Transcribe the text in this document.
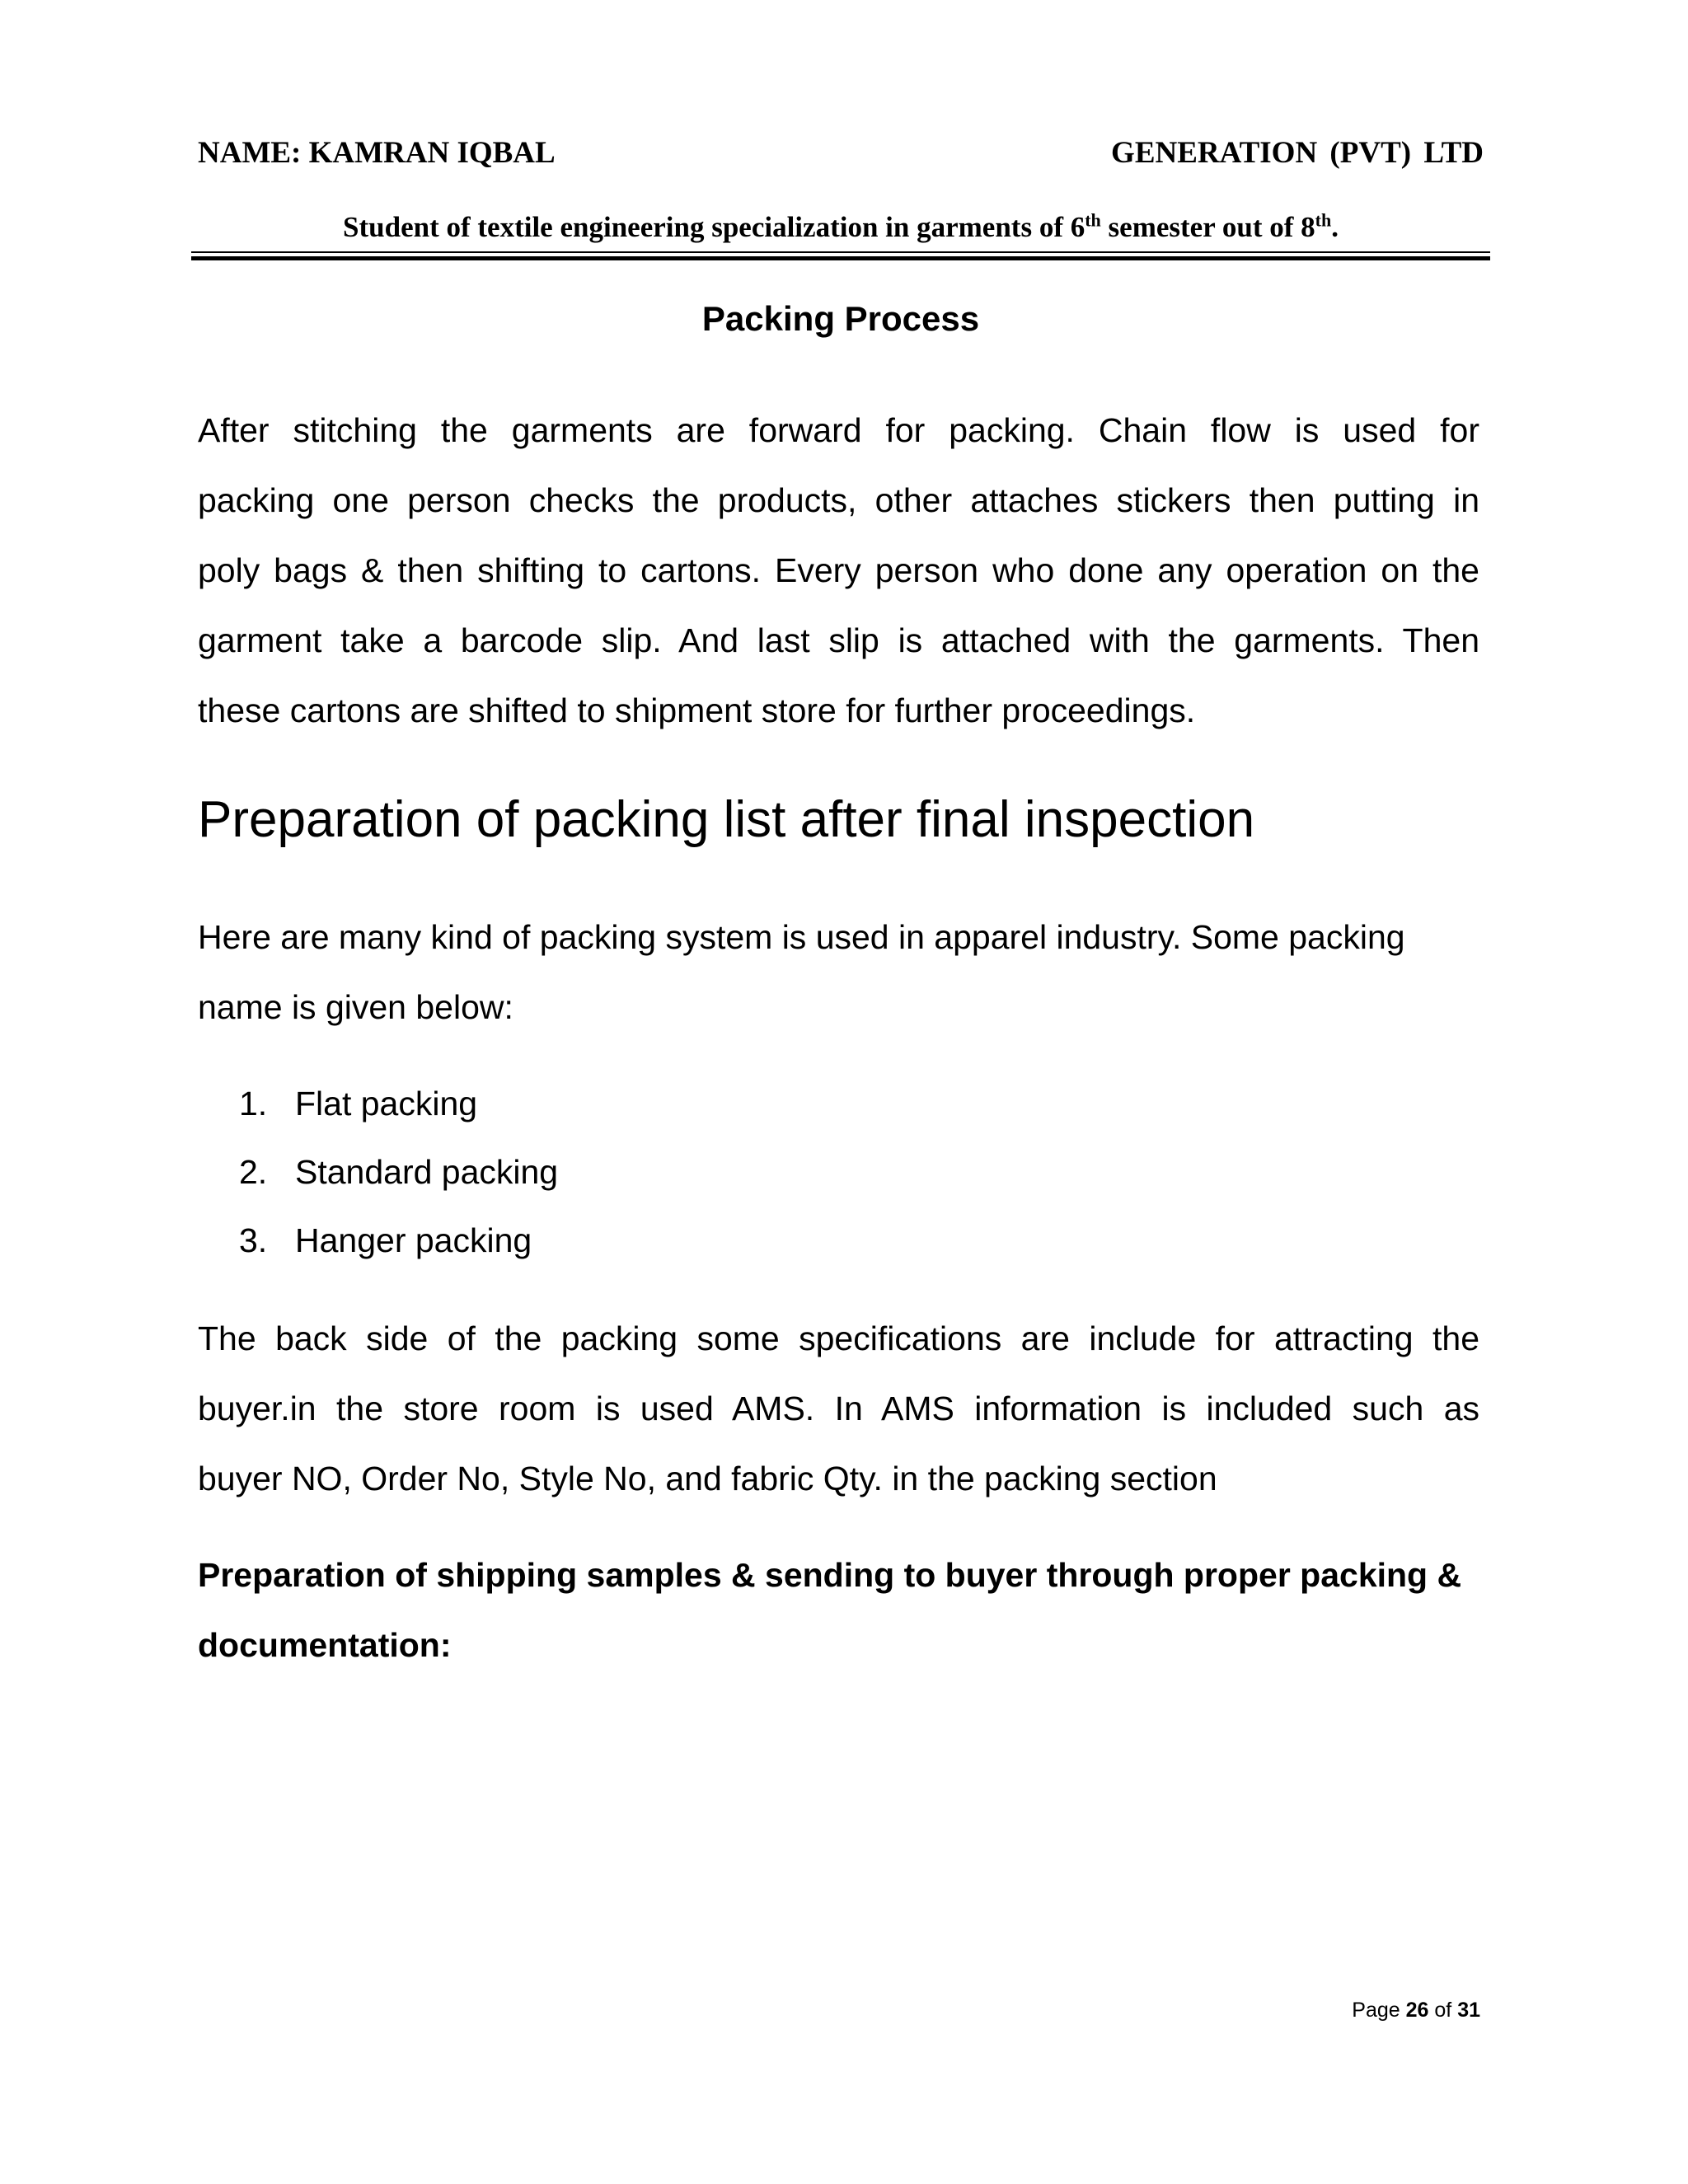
NAME: KAMRAN IQBAL	GENERATION (PVT) LTD
Student of textile engineering specialization in garments of 6th semester out of 8th.
Packing Process
After stitching the garments are forward for packing. Chain flow is used for
packing one person checks the products, other attaches stickers then putting in
poly bags & then shifting to cartons. Every person who done any operation on the
garment take a barcode slip. And last slip is attached with the garments. Then
these cartons are shifted to shipment store for further proceedings.
Preparation of packing list after final inspection
Here are many kind of packing system is used in apparel industry. Some packing
name is given below:
1. Flat packing
2. Standard packing
3. Hanger packing
The back side of the packing some specifications are include for attracting the
buyer.in the store room is used AMS. In AMS information is included such as
buyer NO, Order No, Style No, and fabric Qty. in the packing section
Preparation of shipping samples & sending to buyer through proper packing &
documentation:
Page 26 of 31
